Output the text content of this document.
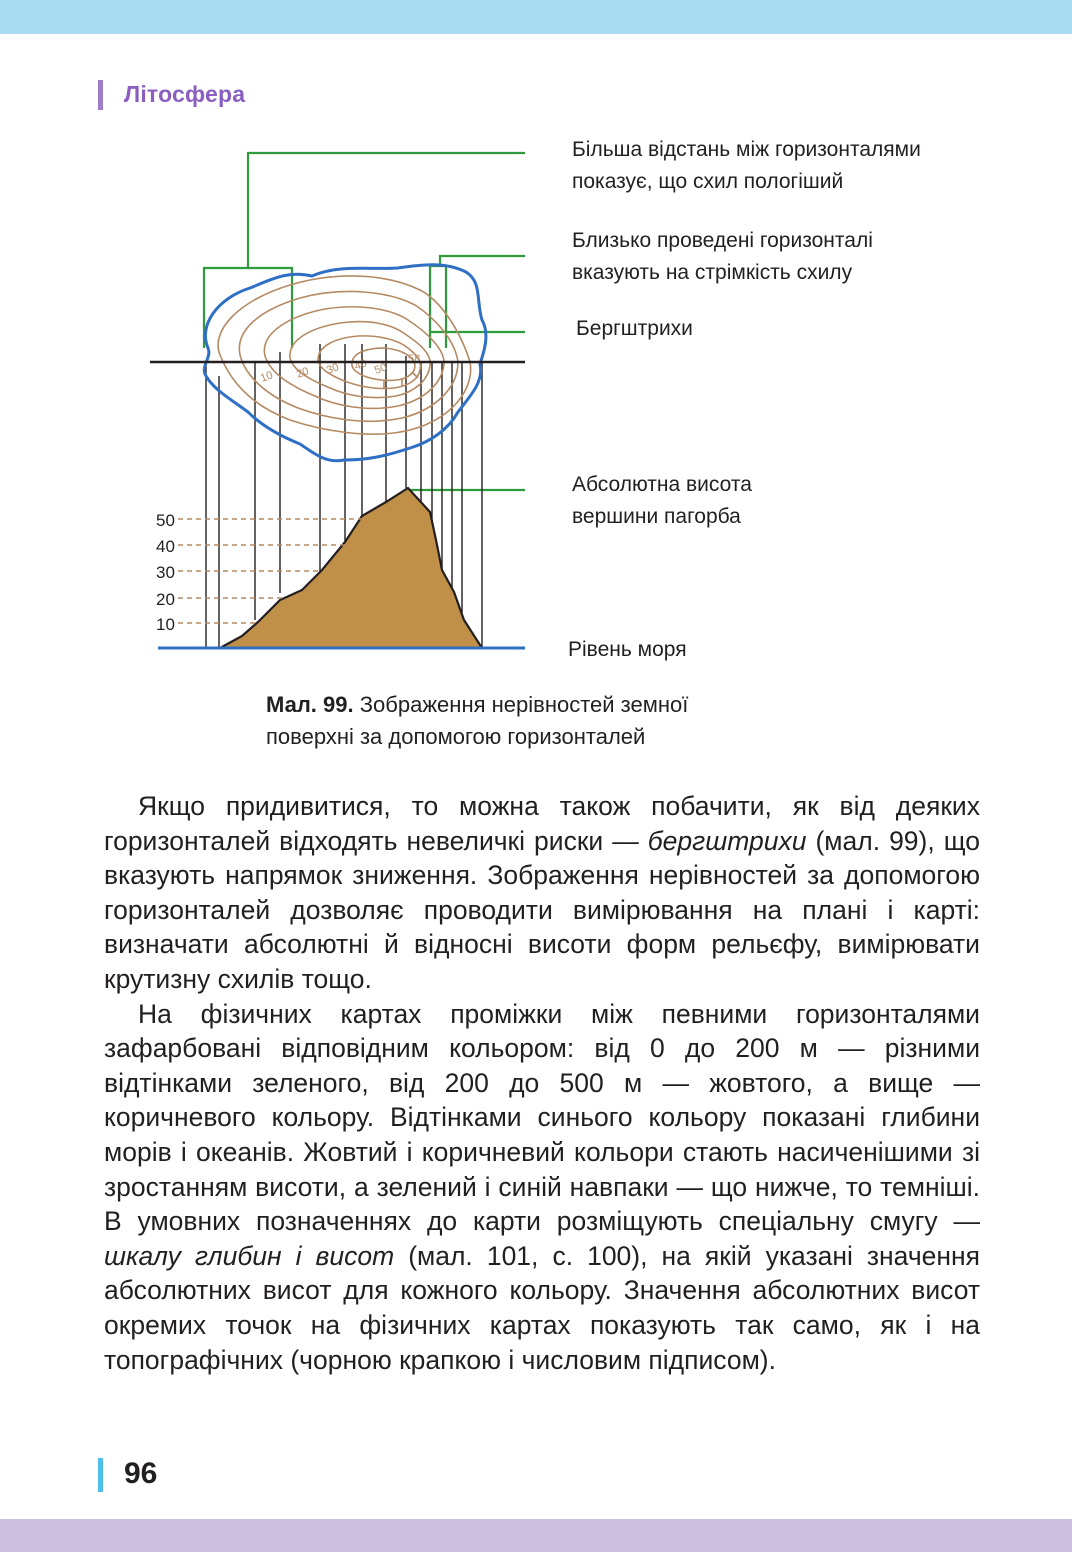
Літосфера
50
40
30
20
10
10 20 30 40 50
58
Більша відстань між горизонталями
показує, що схил пологіший
Близько проведені горизонталі
вказують на стрімкість схилу
Бергштрихи
Абсолютна висота
вершини пагорба
Рівень моря
Мал. 99. Зображення нерівностей земної
поверхні за допомогою горизонталей

Якщо придивитися, то можна також побачити, як від деяких горизонталей відходять невеличкі риски — бергштрихи (мал. 99), що вказують напрямок зниження. Зображення нерівностей за допомогою горизонталей дозволяє проводити вимірювання на плані і карті: визначати абсолютні й відносні висоти форм рельєфу, вимірювати крутизну схилів тощо.

На фізичних картах проміжки між певними горизонталями зафарбовані відповідним кольором: від 0 до 200 м — різними відтінками зеленого, від 200 до 500 м — жовтого, а вище — коричневого кольору. Відтінками синього кольору показані глибини морів і океанів. Жовтий і коричневий кольори стають насиченішими зі зростанням висоти, а зелений і синій навпаки — що нижче, то темніші. В умовних позначеннях до карти розміщують спеціальну смугу — шкалу глибин і висот (мал. 101, с. 100), на якій указані значення абсолютних висот для кожного кольору. Значення абсолютних висот окремих точок на фізичних картах показують так само, як і на топографічних (чорною крапкою і числовим підписом).

96
